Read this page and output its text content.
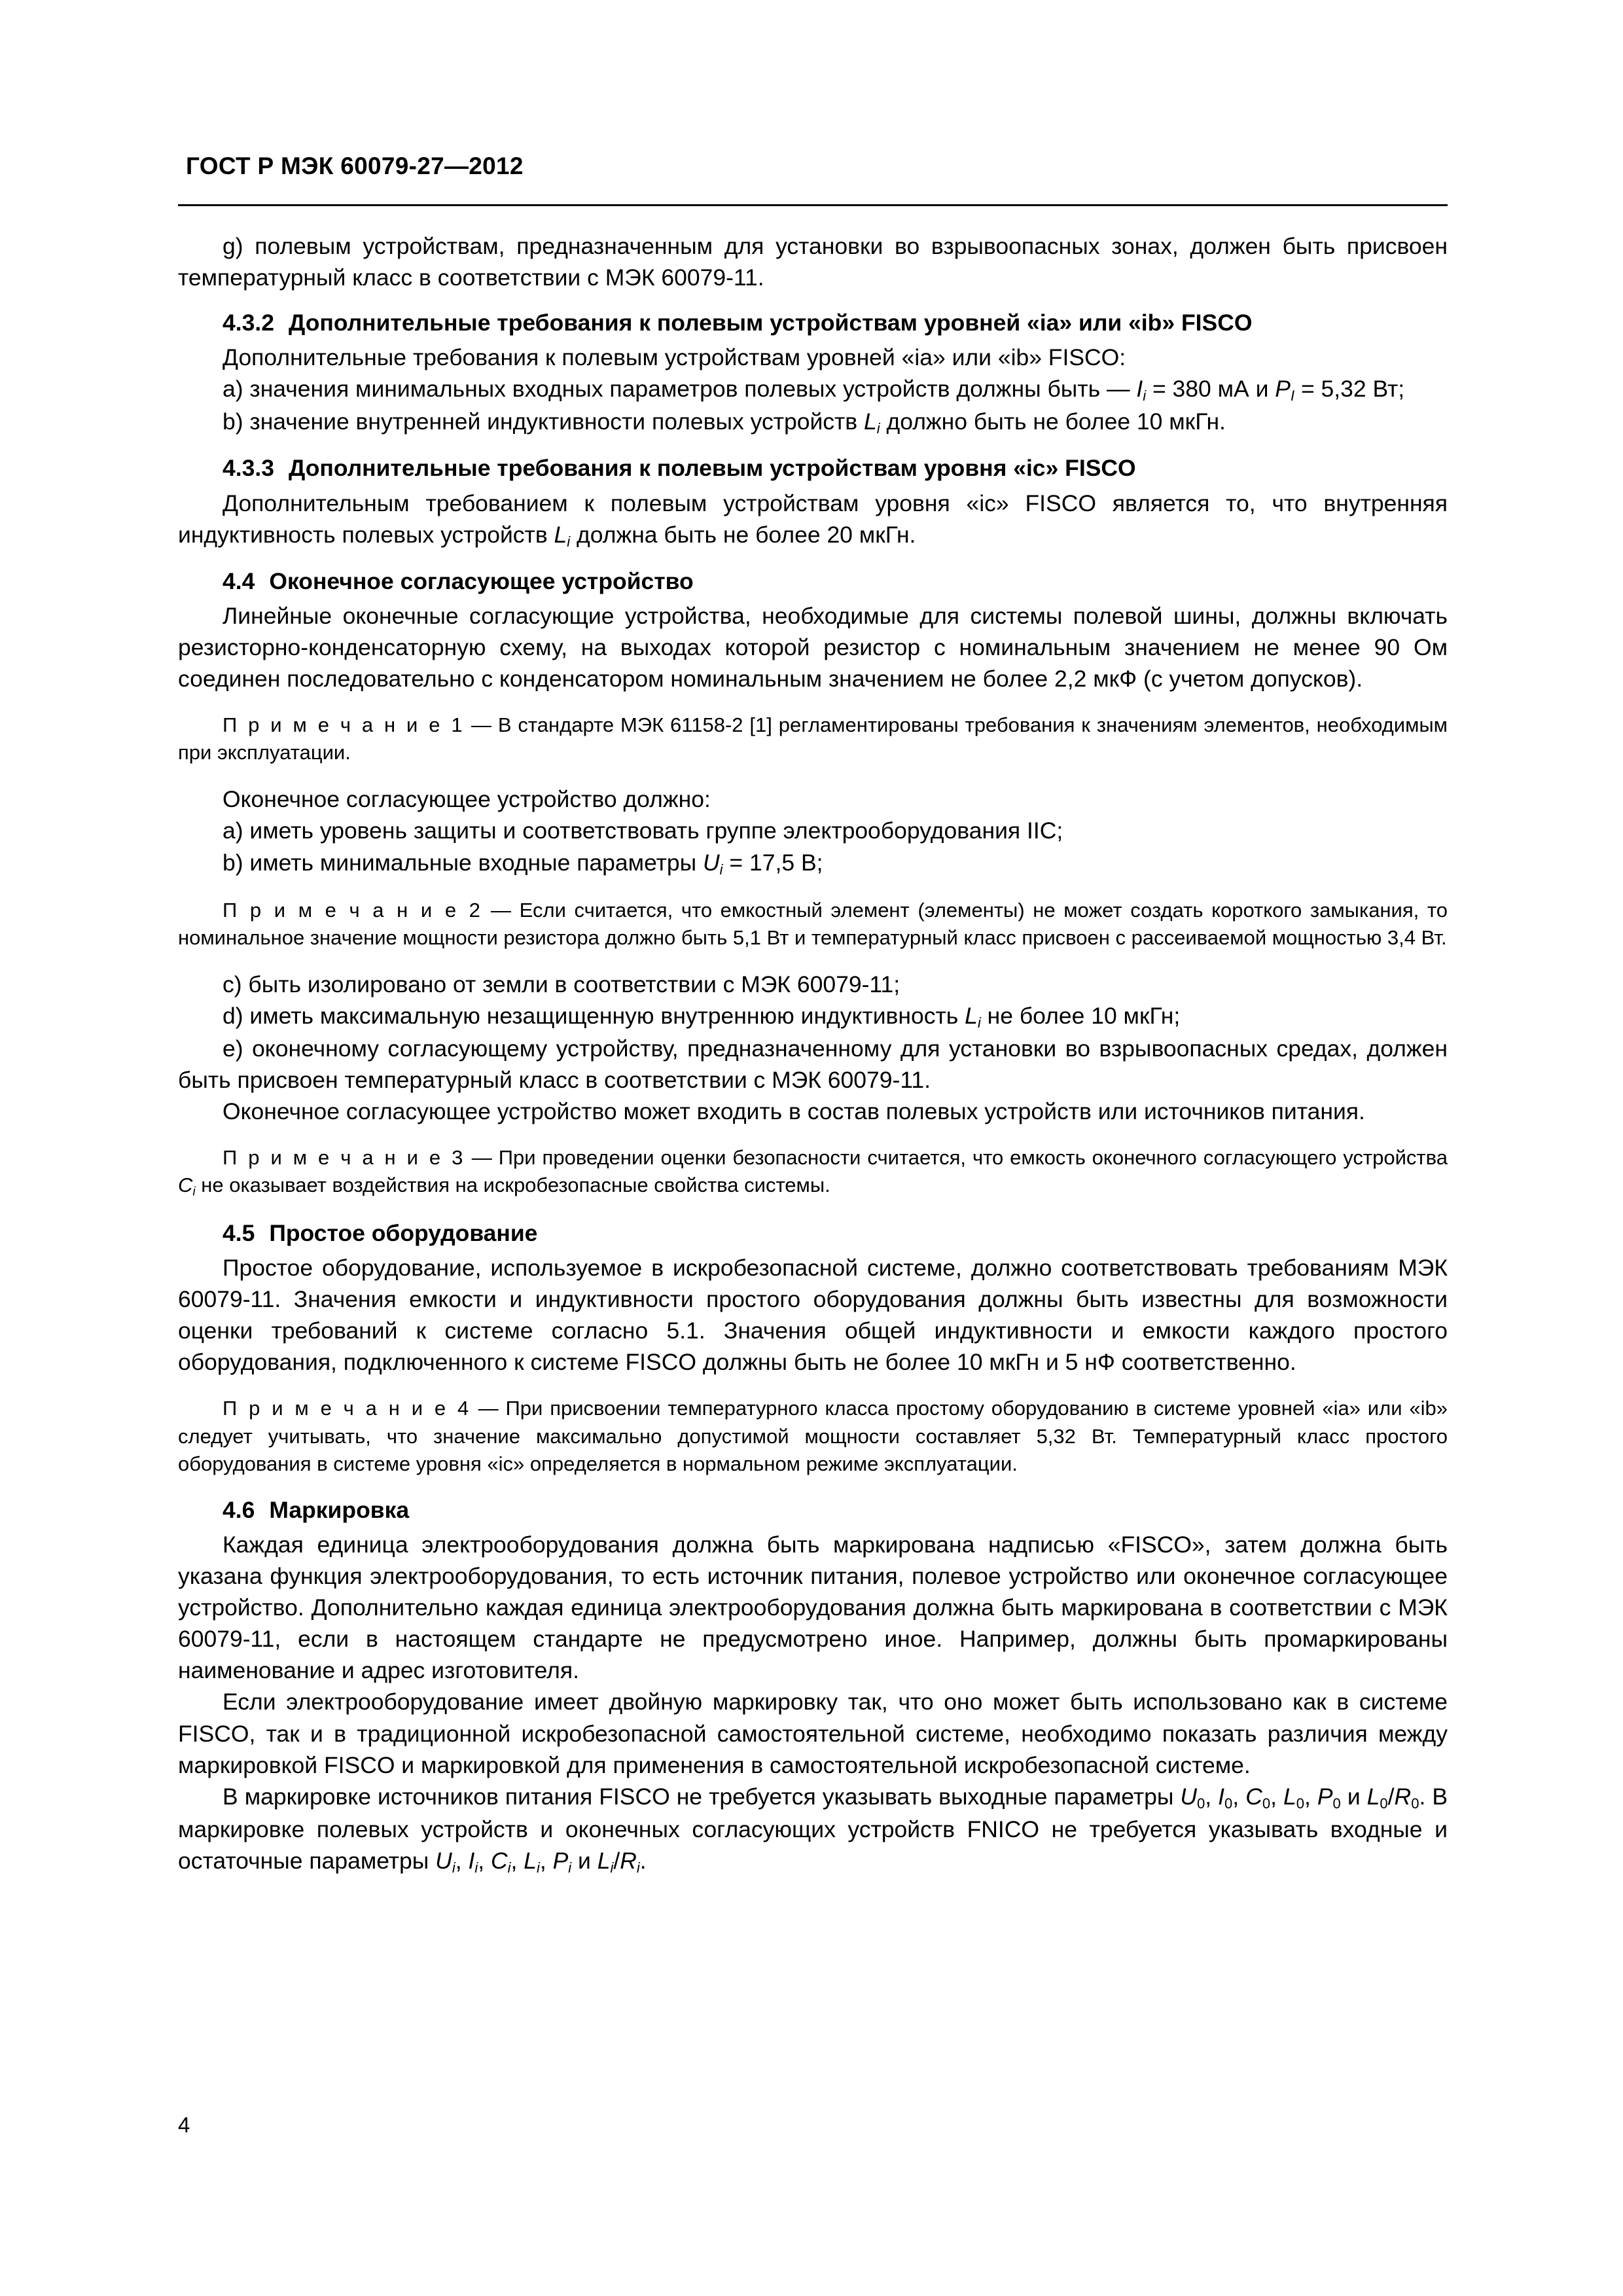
ГОСТ Р МЭК 60079-27—2012

g) полевым устройствам, предназначенным для установки во взрывоопасных зонах, должен быть присвоен температурный класс в соответствии с МЭК 60079-11.

4.3.2 Дополнительные требования к полевым устройствам уровней «ia» или «ib» FISCO

Дополнительные требования к полевым устройствам уровней «ia» или «ib» FISCO:

a) значения минимальных входных параметров полевых устройств должны быть — $I_i = 380$ мА и $P_I = 5,32$ Вт;

b) значение внутренней индуктивности полевых устройств $L_i$ должно быть не более 10 мкГн.

4.3.3 Дополнительные требования к полевым устройствам уровня «ic» FISCO

Дополнительным требованием к полевым устройствам уровня «ic» FISCO является то, что внутренняя индуктивность полевых устройств $L_i$ должна быть не более 20 мкГн.

4.4 Оконечное согласующее устройство

Линейные оконечные согласующие устройства, необходимые для системы полевой шины, должны включать резисторно-конденсаторную схему, на выходах которой резистор с номинальным значением не менее 90 Ом соединен последовательно с конденсатором номинальным значением не более 2,2 мкФ (с учетом допусков).

П р и м е ч а н и е 1 — В стандарте МЭК 61158-2 [1] регламентированы требования к значениям элементов, необходимым при эксплуатации.

Оконечное согласующее устройство должно:

a) иметь уровень защиты и соответствовать группе электрооборудования IIC;

b) иметь минимальные входные параметры $U_i = 17,5$ В;

П р и м е ч а н и е 2 — Если считается, что емкостный элемент (элементы) не может создать короткого замыкания, то номинальное значение мощности резистора должно быть 5,1 Вт и температурный класс присвоен с рассеиваемой мощностью 3,4 Вт.

c) быть изолировано от земли в соответствии с МЭК 60079-11;

d) иметь максимальную незащищенную внутреннюю индуктивность $L_i$ не более 10 мкГн;

e) оконечному согласующему устройству, предназначенному для установки во взрывоопасных средах, должен быть присвоен температурный класс в соответствии с МЭК 60079-11.

Оконечное согласующее устройство может входить в состав полевых устройств или источников питания.

П р и м е ч а н и е 3 — При проведении оценки безопасности считается, что емкость оконечного согласующего устройства $C_i$ не оказывает воздействия на искробезопасные свойства системы.

4.5 Простое оборудование

Простое оборудование, используемое в искробезопасной системе, должно соответствовать требованиям МЭК 60079-11. Значения емкости и индуктивности простого оборудования должны быть известны для возможности оценки требований к системе согласно 5.1. Значения общей индуктивности и емкости каждого простого оборудования, подключенного к системе FISCO должны быть не более 10 мкГн и 5 нФ соответственно.

П р и м е ч а н и е 4 — При присвоении температурного класса простому оборудованию в системе уровней «ia» или «ib» следует учитывать, что значение максимально допустимой мощности составляет 5,32 Вт. Температурный класс простого оборудования в системе уровня «ic» определяется в нормальном режиме эксплуатации.

4.6 Маркировка

Каждая единица электрооборудования должна быть маркирована надписью «FISCO», затем должна быть указана функция электрооборудования, то есть источник питания, полевое устройство или оконечное согласующее устройство. Дополнительно каждая единица электрооборудования должна быть маркирована в соответствии с МЭК 60079-11, если в настоящем стандарте не предусмотрено иное. Например, должны быть промаркированы наименование и адрес изготовителя.

Если электрооборудование имеет двойную маркировку так, что оно может быть использовано как в системе FISCO, так и в традиционной искробезопасной самостоятельной системе, необходимо показать различия между маркировкой FISCO и маркировкой для применения в самостоятельной искробезопасной системе.

В маркировке источников питания FISCO не требуется указывать выходные параметры $U_0$, $I_0$, $C_0$, $L_0$, $P_0$ и $L_0/R_0$. В маркировке полевых устройств и оконечных согласующих устройств FNICO не требуется указывать входные и остаточные параметры $U_i$, $I_i$, $C_i$, $L_i$, $P_i$ и $L_i/R_i$.

4
